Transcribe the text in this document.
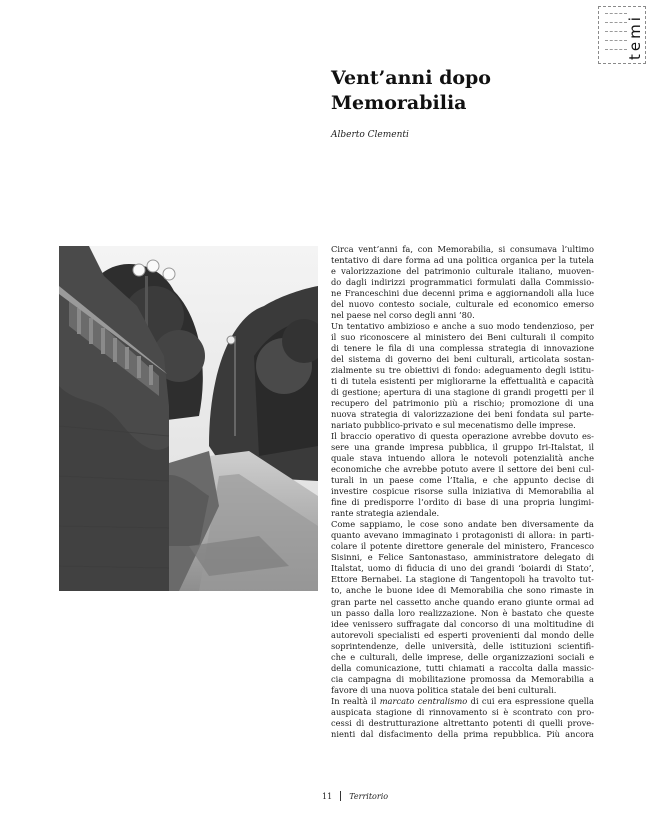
temi
Vent’anni dopo
Memorabilia
Alberto Clementi
Circa vent’anni fa, con Memorabilia, si consumava l’ultimo
tentativo di dare forma ad una politica organica per la tutela
e valorizzazione del patrimonio culturale italiano, muoven-
do dagli indirizzi programmatici formulati dalla Commissio-
ne Franceschini due decenni prima e aggiornandoli alla luce
del nuovo contesto sociale, culturale ed economico emerso
nel paese nel corso degli anni ’80.
Un tentativo ambizioso e anche a suo modo tendenzioso, per
il suo riconoscere al ministero dei Beni culturali il compito
di tenere le fila di una complessa strategia di innovazione
del sistema di governo dei beni culturali, articolata sostan-
zialmente su tre obiettivi di fondo: adeguamento degli istitu-
ti di tutela esistenti per migliorarne la effettualità e capacità
di gestione; apertura di una stagione di grandi progetti per il
recupero del patrimonio più a rischio; promozione di una
nuova strategia di valorizzazione dei beni fondata sul parte-
nariato pubblico-privato e sul mecenatismo delle imprese.
Il braccio operativo di questa operazione avrebbe dovuto es-
sere una grande impresa pubblica, il gruppo Iri-Italstat, il
quale stava intuendo allora le notevoli potenzialità anche
economiche che avrebbe potuto avere il settore dei beni cul-
turali in un paese come l’Italia, e che appunto decise di
investire cospicue risorse sulla iniziativa di Memorabilia al
fine di predisporre l’ordito di base di una propria lungimi-
rante strategia aziendale.
Come sappiamo, le cose sono andate ben diversamente da
quanto avevano immaginato i protagonisti di allora: in parti-
colare il potente direttore generale del ministero, Francesco
Sisinni, e Felice Santonastaso, amministratore delegato di
Italstat, uomo di fiducia di uno dei grandi ‘boiardi di Stato’,
Ettore Bernabei. La stagione di Tangentopoli ha travolto tut-
to, anche le buone idee di Memorabilia che sono rimaste in
gran parte nel cassetto anche quando erano giunte ormai ad
un passo dalla loro realizzazione. Non è bastato che queste
idee venissero suffragate dal concorso di una moltitudine di
autorevoli specialisti ed esperti provenienti dal mondo delle
soprintendenze, delle università, delle istituzioni scientifi-
che e culturali, delle imprese, delle organizzazioni sociali e
della comunicazione, tutti chiamati a raccolta dalla massic-
cia campagna di mobilitazione promossa da Memorabilia a
favore di una nuova politica statale dei beni culturali.
In realtà il marcato centralismo di cui era espressione quella
auspicata stagione di rinnovamento si è scontrato con pro-
cessi di destrutturazione altrettanto potenti di quelli prove-
nienti dal disfacimento della prima repubblica. Più ancora
11 Territorio
